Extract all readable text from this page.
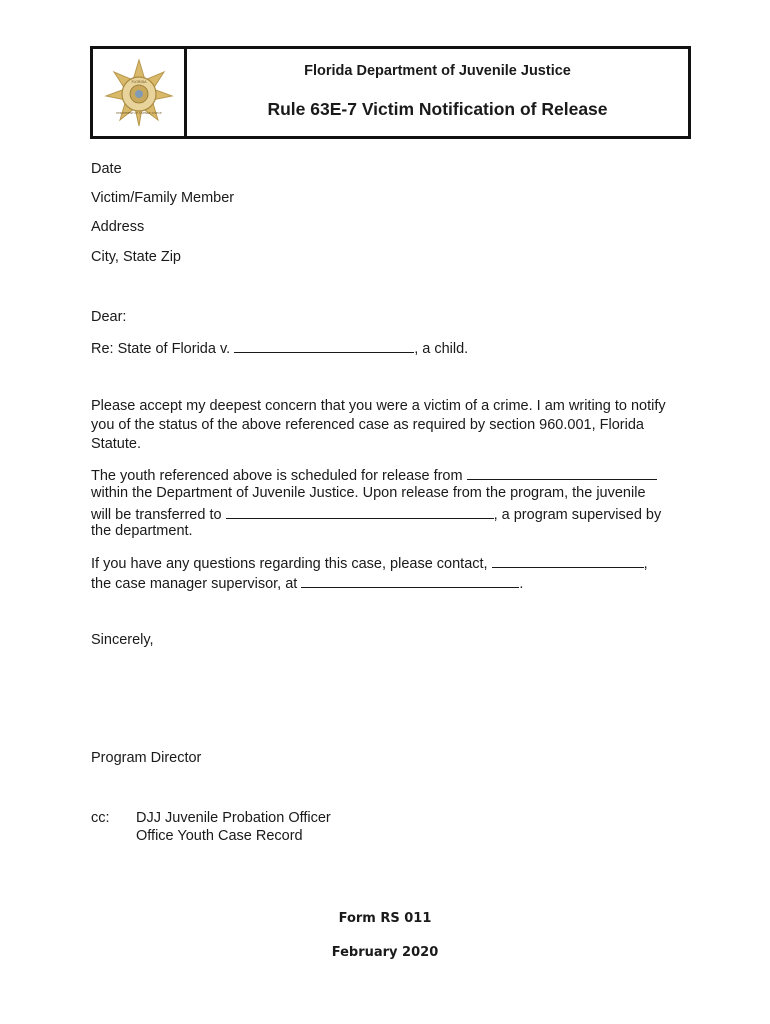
FLORIDA
DEPARTMENT OF JUVENILE JUSTICE
Florida Department of Juvenile Justice
Rule 63E-7 Victim Notification of Release
Date
Victim/Family Member
Address
City, State Zip
Dear:
Re: State of Florida v.	, a child.
Please accept my deepest concern that you were a victim of a crime. I am writing to notify you of the status of the above referenced case as required by section 960.001, Florida Statute.
The youth referenced above is scheduled for release from
within the Department of Juvenile Justice. Upon release from the program, the juvenile
will be transferred to	, a program supervised by
the department.
If you have any questions regarding this case, please contact,	,
the case manager supervisor, at	.
Sincerely,
Program Director
cc:	DJJ Juvenile Probation Officer
Office Youth Case Record
Form RS 011
February 2020
